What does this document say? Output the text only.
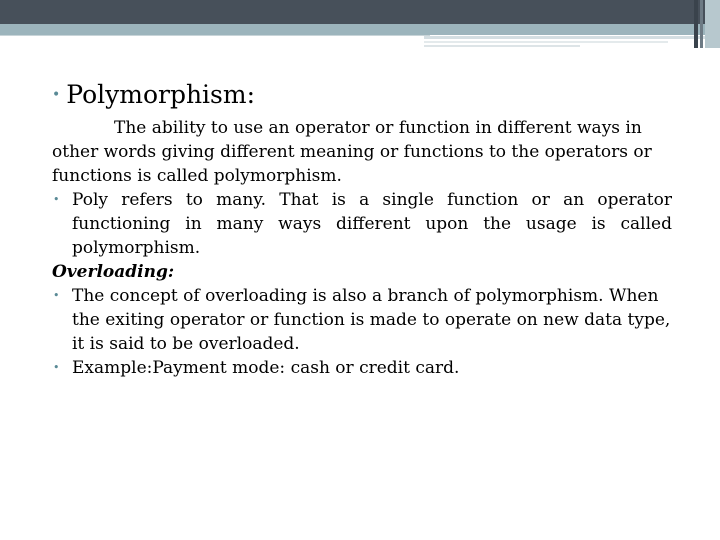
• Polymorphism:
The ability to use an operator or function in different ways in other words giving different meaning or functions to the operators or functions is called polymorphism.
• Poly refers to many. That is a single function or an operator functioning in many ways different upon the usage is called polymorphism.
Overloading:
• The concept of overloading is also a branch of polymorphism. When the exiting operator or function is made to operate on new data type, it is said to be overloaded.
• Example:Payment mode: cash or credit card.
